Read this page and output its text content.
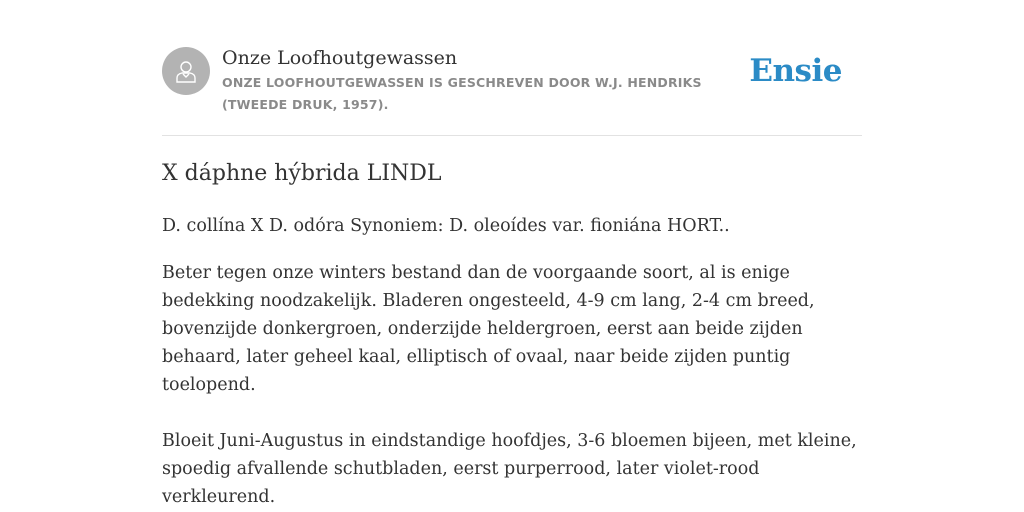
Onze Loofhoutgewassen
ONZE LOOFHOUTGEWASSEN IS GESCHREVEN DOOR W.J. HENDRIKS (TWEEDE DRUK, 1957).
Ensie
X dáphne hýbrida LINDL
D. collína X D. odóra Synoniem: D. oleoídes var. fioniána HORT..

Beter tegen onze winters bestand dan de voorgaande soort, al is enige bedekking noodzakelijk. Bladeren ongesteeld, 4-9 cm lang, 2-4 cm breed, bovenzijde donkergroen, onderzijde heldergroen, eerst aan beide zijden behaard, later geheel kaal, elliptisch of ovaal, naar beide zijden puntig toelopend.

Bloeit Juni-Augustus in eindstandige hoofdjes, 3-6 bloemen bijeen, met kleine, spoedig afvallende schutbladen, eerst purperrood, later violet-rood verkleurend.
